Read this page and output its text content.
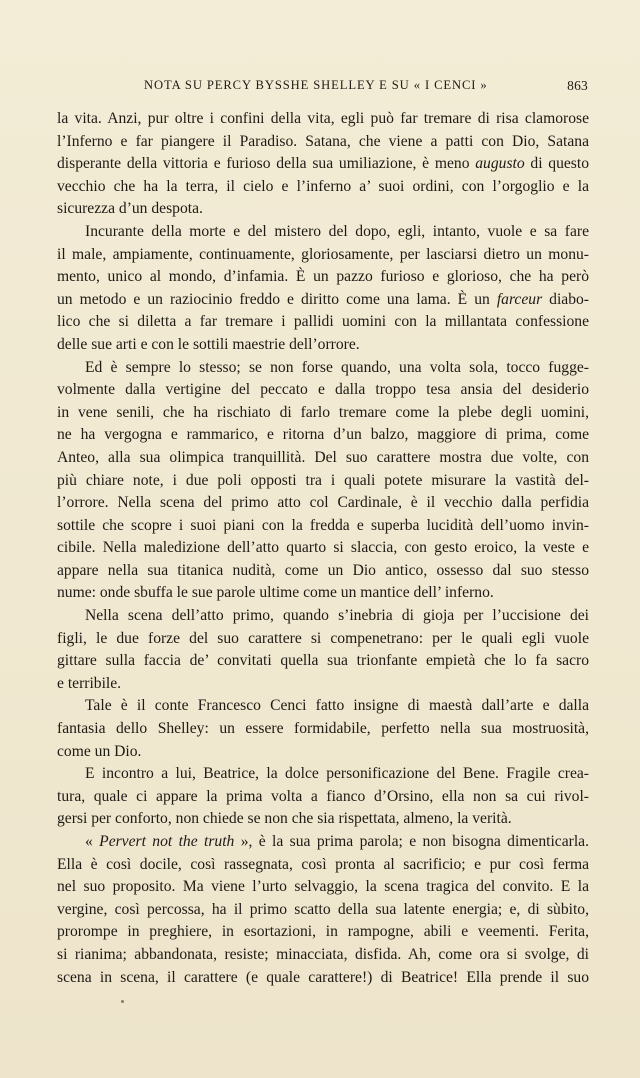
NOTA SU PERCY BYSSHE SHELLEY E SU « I CENCI »	863
la vita. Anzi, pur oltre i confini della vita, egli può far tremare di risa clamorose
l’Inferno e far piangere il Paradiso. Satana, che viene a patti con Dio, Satana
disperante della vittoria e furioso della sua umiliazione, è meno augusto di questo
vecchio che ha la terra, il cielo e l’inferno a’ suoi ordini, con l’orgoglio e la
sicurezza d’un despota.
Incurante della morte e del mistero del dopo, egli, intanto, vuole e sa fare
il male, ampiamente, continuamente, gloriosamente, per lasciarsi dietro un monu-
mento, unico al mondo, d’infamia. È un pazzo furioso e glorioso, che ha però
un metodo e un raziocinio freddo e diritto come una lama. È un farceur diabo-
lico che si diletta a far tremare i pallidi uomini con la millantata confessione
delle sue arti e con le sottili maestrie dell’orrore.
Ed è sempre lo stesso; se non forse quando, una volta sola, tocco fugge-
volmente dalla vertigine del peccato e dalla troppo tesa ansia del desiderio
in vene senili, che ha rischiato di farlo tremare come la plebe degli uomini,
ne ha vergogna e rammarico, e ritorna d’un balzo, maggiore di prima, come
Anteo, alla sua olimpica tranquillità. Del suo carattere mostra due volte, con
più chiare note, i due poli opposti tra i quali potete misurare la vastità del-
l’orrore. Nella scena del primo atto col Cardinale, è il vecchio dalla perfidia
sottile che scopre i suoi piani con la fredda e superba lucidità dell’uomo invin-
cibile. Nella maledizione dell’atto quarto si slaccia, con gesto eroico, la veste e
appare nella sua titanica nudità, come un Dio antico, ossesso dal suo stesso
nume: onde sbuffa le sue parole ultime come un mantice dell’ inferno.
Nella scena dell’atto primo, quando s’inebria di gioja per l’uccisione dei
figli, le due forze del suo carattere si compenetrano: per le quali egli vuole
gittare sulla faccia de’ convitati quella sua trionfante empietà che lo fa sacro
e terribile.
Tale è il conte Francesco Cenci fatto insigne di maestà dall’arte e dalla
fantasia dello Shelley: un essere formidabile, perfetto nella sua mostruosità,
come un Dio.
E incontro a lui, Beatrice, la dolce personificazione del Bene. Fragile crea-
tura, quale ci appare la prima volta a fianco d’Orsino, ella non sa cui rivol-
gersi per conforto, non chiede se non che sia rispettata, almeno, la verità.
« Pervert not the truth », è la sua prima parola; e non bisogna dimenticarla.
Ella è così docile, così rassegnata, così pronta al sacrificio; e pur così ferma
nel suo proposito. Ma viene l’urto selvaggio, la scena tragica del convito. E la
vergine, così percossa, ha il primo scatto della sua latente energia; e, di sùbito,
prorompe in preghiere, in esortazioni, in rampogne, abili e veementi. Ferita,
si rianima; abbandonata, resiste; minacciata, disfida. Ah, come ora si svolge, di
scena in scena, il carattere (e quale carattere!) di Beatrice! Ella prende il suo
